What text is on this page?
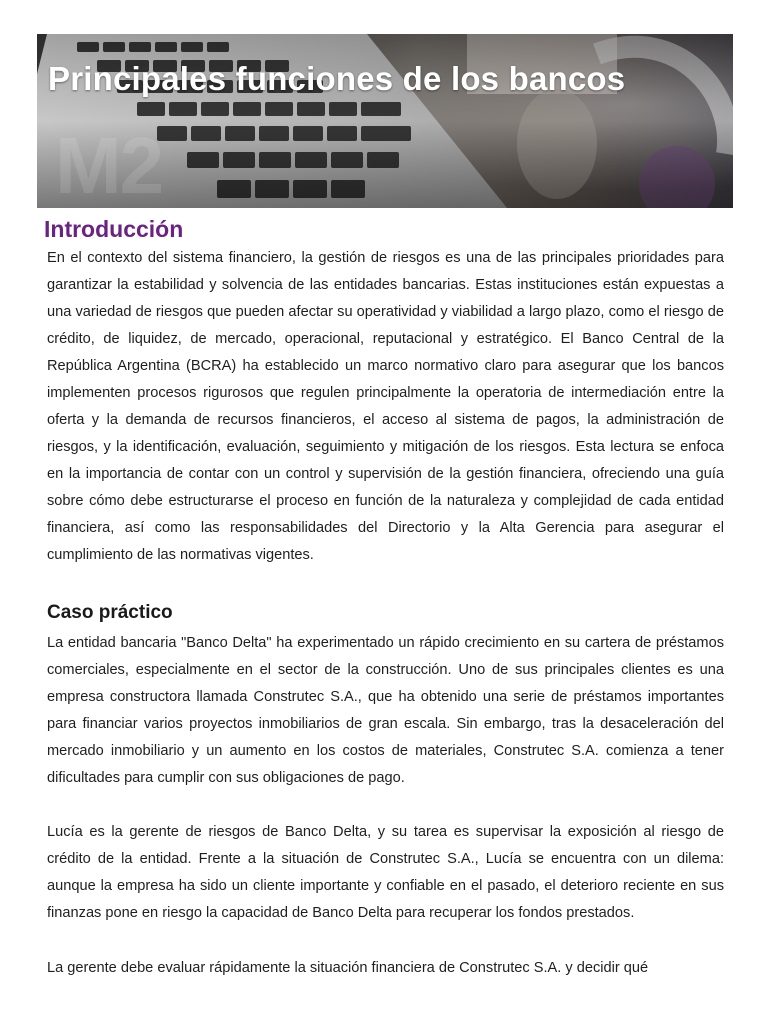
M2
Principales funciones de los bancos
Introducción

En el contexto del sistema financiero, la gestión de riesgos es una de las principales prioridades para garantizar la estabilidad y solvencia de las entidades bancarias. Estas instituciones están expuestas a una variedad de riesgos que pueden afectar su operatividad y viabilidad a largo plazo, como el riesgo de crédito, de liquidez, de mercado, operacional, reputacional y estratégico. El Banco Central de la República Argentina (BCRA) ha establecido un marco normativo claro para asegurar que los bancos implementen procesos rigurosos que regulen principalmente la operatoria de intermediación entre la oferta y la demanda de recursos financieros, el acceso al sistema de pagos, la administración de riesgos, y la identificación, evaluación, seguimiento y mitigación de los riesgos. Esta lectura se enfoca en la importancia de contar con un control y supervisión de la gestión financiera, ofreciendo una guía sobre cómo debe estructurarse el proceso en función de la naturaleza y complejidad de cada entidad financiera, así como las responsabilidades del Directorio y la Alta Gerencia para asegurar el cumplimiento de las normativas vigentes.

Caso práctico

La entidad bancaria "Banco Delta" ha experimentado un rápido crecimiento en su cartera de préstamos comerciales, especialmente en el sector de la construcción. Uno de sus principales clientes es una empresa constructora llamada Construtec S.A., que ha obtenido una serie de préstamos importantes para financiar varios proyectos inmobiliarios de gran escala. Sin embargo, tras la desaceleración del mercado inmobiliario y un aumento en los costos de materiales, Construtec S.A. comienza a tener dificultades para cumplir con sus obligaciones de pago.

Lucía es la gerente de riesgos de Banco Delta, y su tarea es supervisar la exposición al riesgo de crédito de la entidad. Frente a la situación de Construtec S.A., Lucía se encuentra con un dilema: aunque la empresa ha sido un cliente importante y confiable en el pasado, el deterioro reciente en sus finanzas pone en riesgo la capacidad de Banco Delta para recuperar los fondos prestados.

La gerente debe evaluar rápidamente la situación financiera de Construtec S.A. y decidir qué
